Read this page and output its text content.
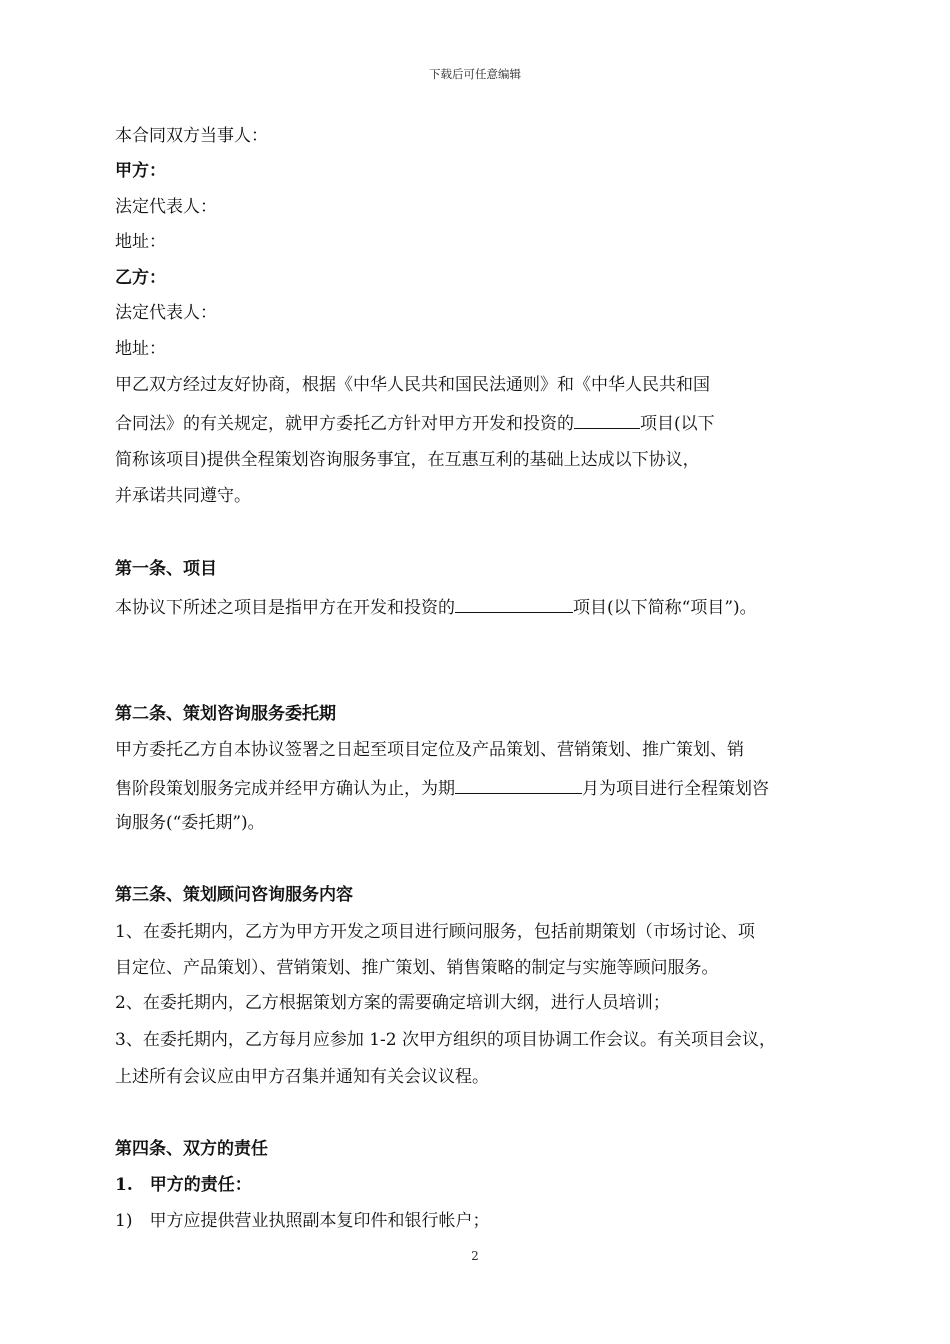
下载后可任意编辑
本合同双方当事人：
甲方：
法定代表人：
地址：
乙方：
法定代表人：
地址：
甲乙双方经过友好协商，根据《中华人民共和国民法通则》和《中华人民共和国
合同法》的有关规定，就甲方委托乙方针对甲方开发和投资的	项目(以下
简称该项目)提供全程策划咨询服务事宜，在互惠互利的基础上达成以下协议，
并承诺共同遵守。
第一条、项目
本协议下所述之项目是指甲方在开发和投资的	项目(以下简称“项目”)。
第二条、策划咨询服务委托期
甲方委托乙方自本协议签署之日起至项目定位及产品策划、营销策划、推广策划、销
售阶段策划服务完成并经甲方确认为止，为期	月为项目进行全程策划咨
询服务(“委托期”)。
第三条、策划顾问咨询服务内容
1、在委托期内，乙方为甲方开发之项目进行顾问服务，包括前期策划（市场讨论、项
目定位、产品策划）、营销策划、推广策划、销售策略的制定与实施等顾问服务。
2、在委托期内，乙方根据策划方案的需要确定培训大纲，进行人员培训；
3、在委托期内，乙方每月应参加 1-2 次甲方组织的项目协调工作会议。有关项目会议，
上述所有会议应由甲方召集并通知有关会议议程。
第四条、双方的责任
1.　甲方的责任：
1)　甲方应提供营业执照副本复印件和银行帐户；
2
